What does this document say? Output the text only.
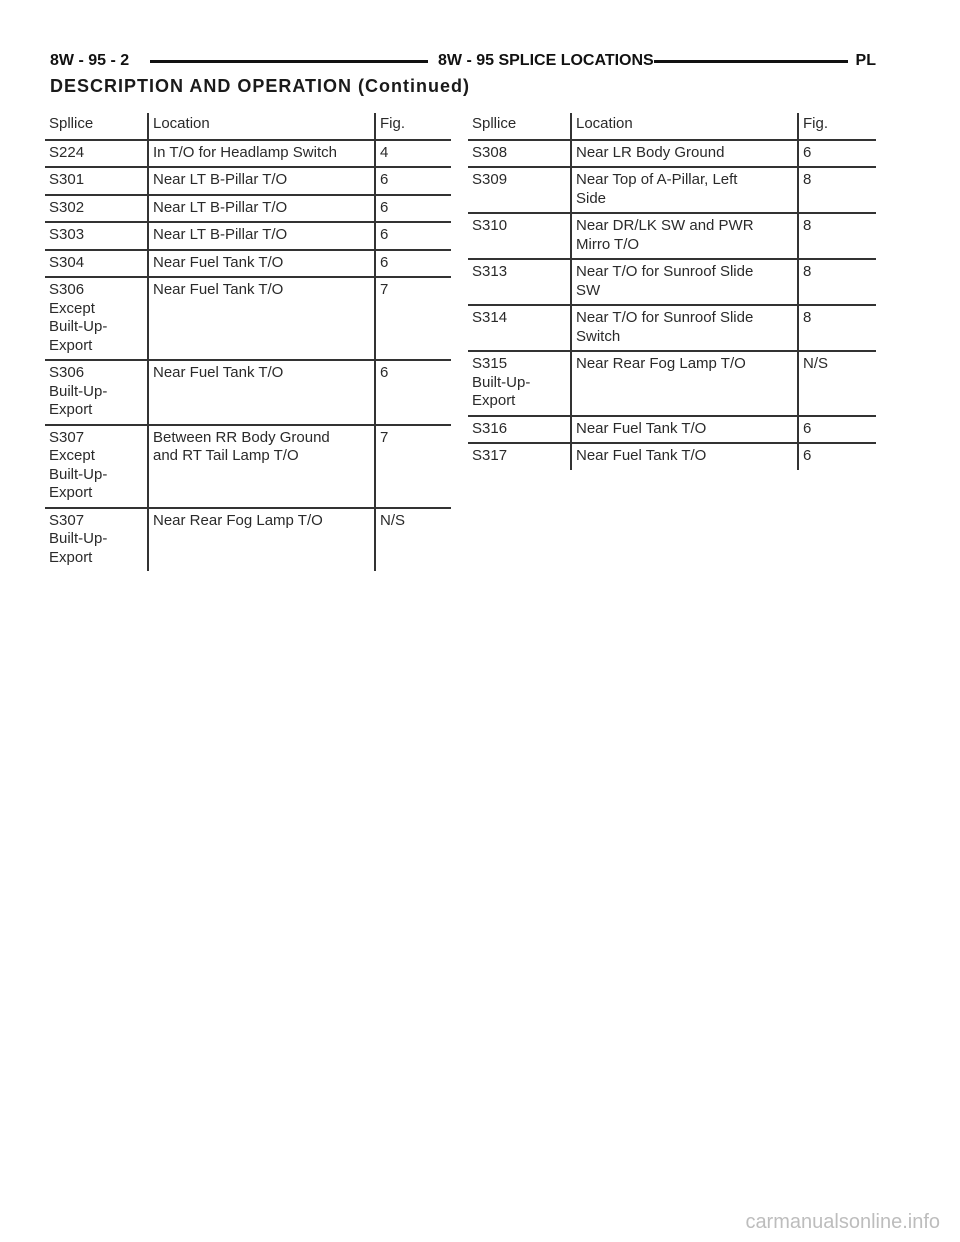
8W - 95 - 2	8W - 95 SPLICE LOCATIONS	PL
DESCRIPTION AND OPERATION (Continued)
Spllice	Location	Fig.
S224	In T/O for Headlamp Switch	4
S301	Near LT B-Pillar T/O	6
S302	Near LT B-Pillar T/O	6
S303	Near LT B-Pillar T/O	6
S304	Near Fuel Tank T/O	6
S306
Except
Built-Up-
Export	Near Fuel Tank T/O	7
S306
Built-Up-
Export	Near Fuel Tank T/O	6
S307
Except
Built-Up-
Export	Between RR Body Ground
and RT Tail Lamp T/O	7
S307
Built-Up-
Export	Near Rear Fog Lamp T/O	N/S
Spllice	Location	Fig.
S308	Near LR Body Ground	6
S309	Near Top of A-Pillar, Left
Side	8
S310	Near DR/LK SW and PWR
Mirro T/O	8
S313	Near T/O for Sunroof Slide
SW	8
S314	Near T/O for Sunroof Slide
Switch	8
S315
Built-Up-
Export	Near Rear Fog Lamp T/O	N/S
S316	Near Fuel Tank T/O	6
S317	Near Fuel Tank T/O	6
carmanualsonline.info
